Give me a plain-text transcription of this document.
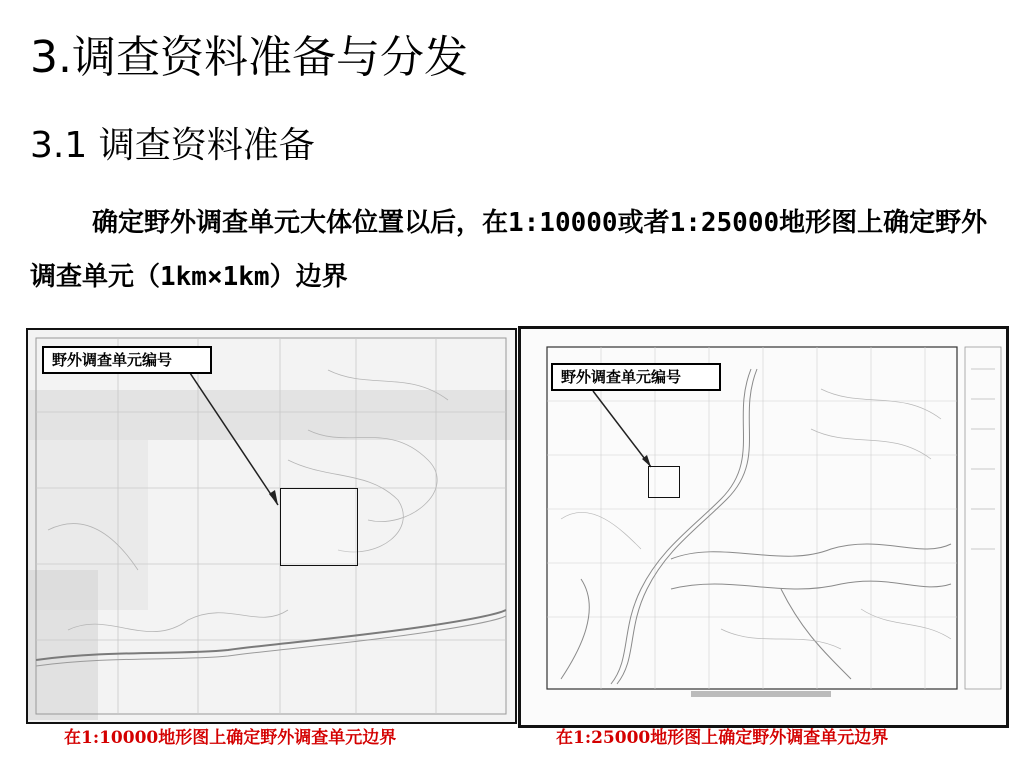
3.调查资料准备与分发
3.1 调查资料准备
确定野外调查单元大体位置以后，在1:10000或者1:25000地形图上确定野外调查单元（1km×1km）边界
野外调查单元编号
野外调查单元编号
在1:10000地形图上确定野外调查单元边界	在1:25000地形图上确定野外调查单元边界
